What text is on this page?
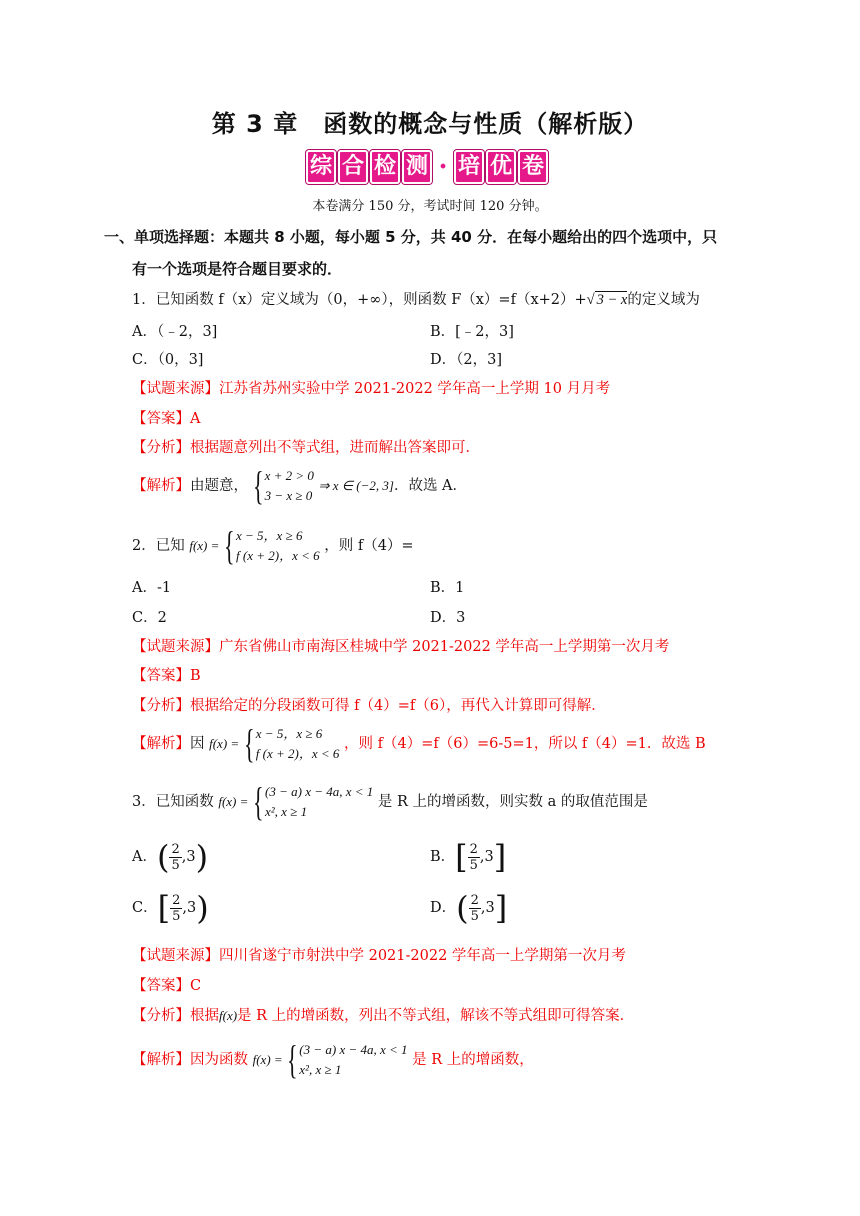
第 3 章　函数的概念与性质（解析版）
综 合 检 测 · 培 优 卷
本卷满分 150 分，考试时间 120 分钟。
一、单项选择题：本题共 8 小题，每小题 5 分，共 40 分．在每小题给出的四个选项中，只
有一个选项是符合题目要求的．
1．已知函数 f（x）定义域为（0，+∞），则函数 F（x）=f（x+2）+√ 3 − x的定义域为
A．（﹣2，3]	B．[﹣2，3]
C．（0，3]	D．（2，3]
【试题来源】江苏省苏州实验中学 2021-2022 学年高一上学期 10 月月考
【答案】A
【分析】根据题意列出不等式组，进而解出答案即可．
【解析】由题意， { x + 2 > 0
3 − x ≥ 0 ⇒ x ∈ (−2, 3]．故选 A．
2．已知 f(x) = { x − 5，x ≥ 6
f (x + 2)，x < 6 ，则 f（4）=
A．-1	B．1
C．2	D．3
【试题来源】广东省佛山市南海区桂城中学 2021-2022 学年高一上学期第一次月考
【答案】B
【分析】根据给定的分段函数可得 f（4）=f（6），再代入计算即可得解．
【解析】因 f(x) = { x − 5，x ≥ 6
f (x + 2)，x < 6 ，则 f（4）=f（6）=6-5=1，所以 f（4）=1．故选 B
3．已知函数 f(x) = { (3 − a) x − 4a, x < 1
x², x ≥ 1 是 R 上的增函数，则实数 a 的取值范围是
A．( $\frac{2}{5} ,3$)	B．[ $\frac{2}{5} ,3$]
C．[ $\frac{2}{5} ,3$)	D．( $\frac{2}{5} ,3$]
【试题来源】四川省遂宁市射洪中学 2021-2022 学年高一上学期第一次月考
【答案】C
【分析】根据f(x)是 R 上的增函数，列出不等式组，解该不等式组即可得答案．
【解析】因为函数 f(x) = { (3 − a) x − 4a, x < 1
x², x ≥ 1 是 R 上的增函数，
